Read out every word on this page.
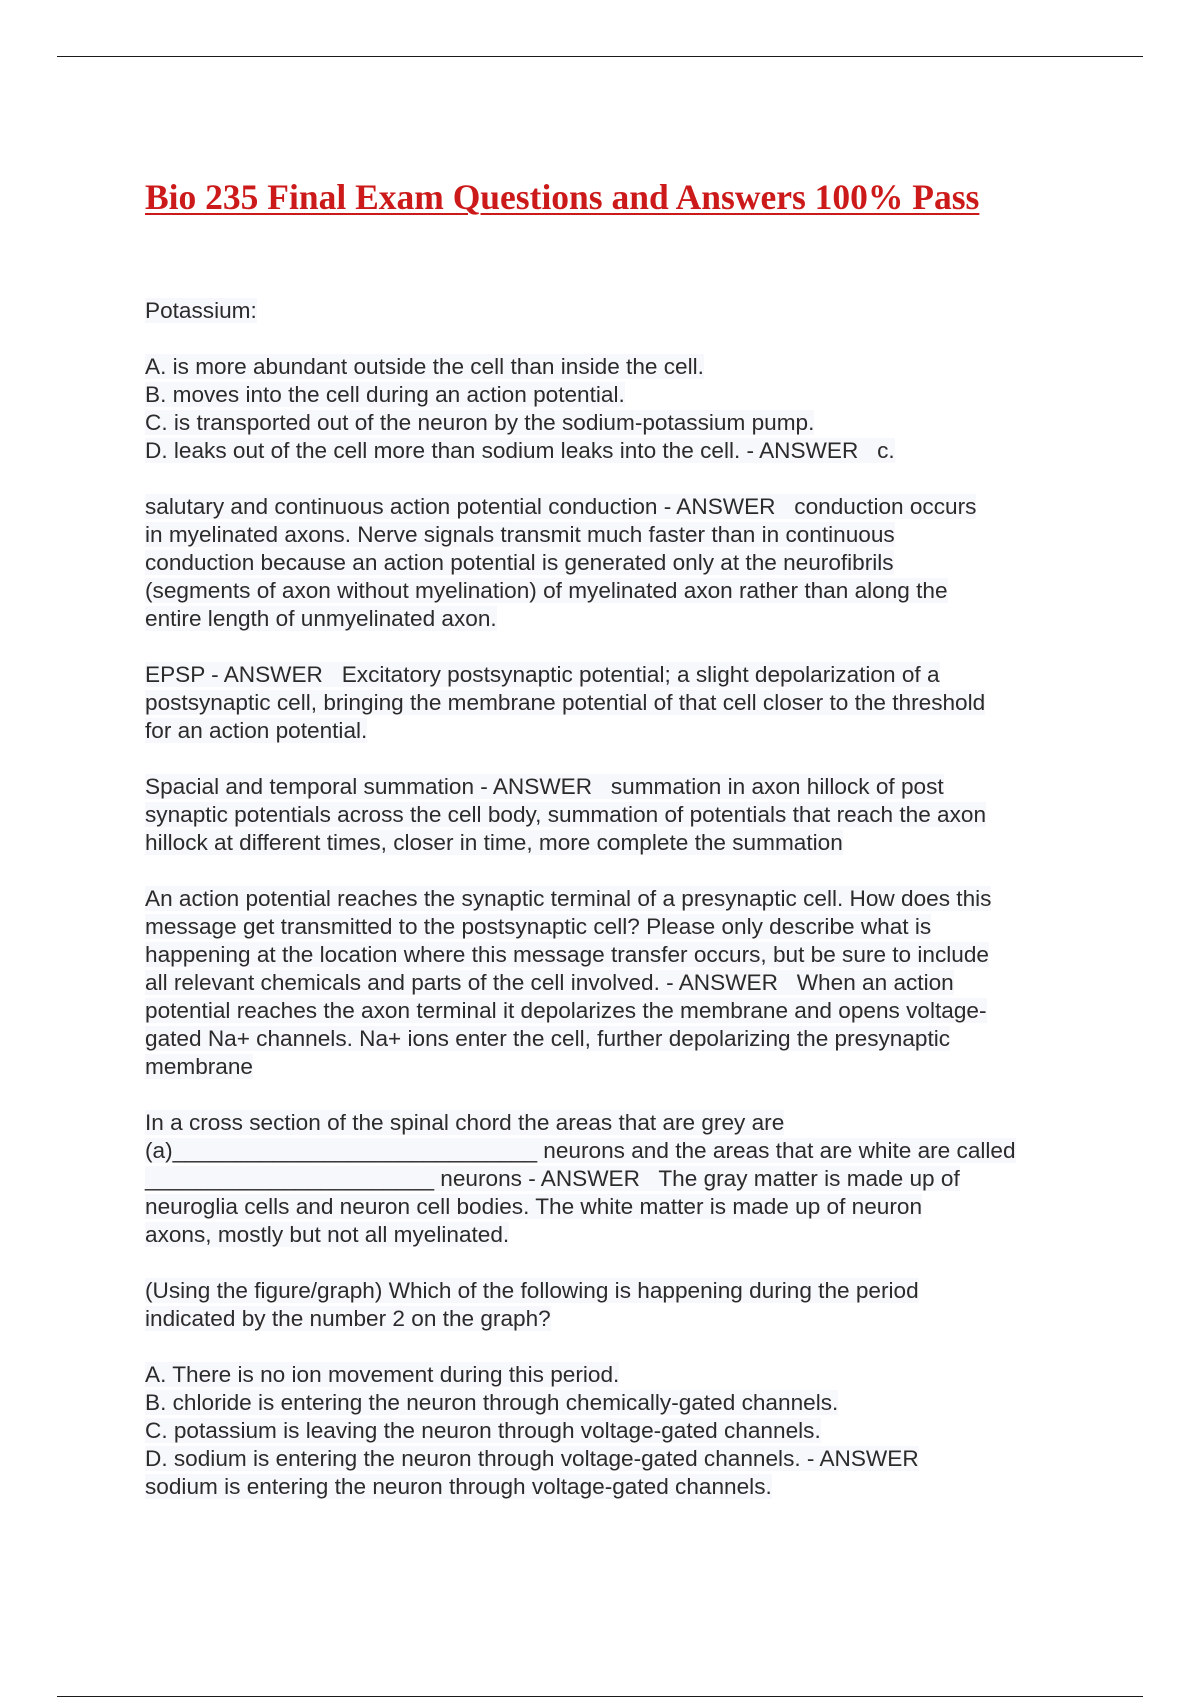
Bio 235 Final Exam Questions and Answers 100% Pass
Potassium:
A. is more abundant outside the cell than inside the cell.
B. moves into the cell during an action potential.
C. is transported out of the neuron by the sodium-potassium pump.
D. leaks out of the cell more than sodium leaks into the cell. - ANSWER   c.
salutary and continuous action potential conduction - ANSWER   conduction occurs
in myelinated axons. Nerve signals transmit much faster than in continuous
conduction because an action potential is generated only at the neurofibrils
(segments of axon without myelination) of myelinated axon rather than along the
entire length of unmyelinated axon.
EPSP - ANSWER   Excitatory postsynaptic potential; a slight depolarization of a
postsynaptic cell, bringing the membrane potential of that cell closer to the threshold
for an action potential.
Spacial and temporal summation - ANSWER   summation in axon hillock of post
synaptic potentials across the cell body, summation of potentials that reach the axon
hillock at different times, closer in time, more complete the summation
An action potential reaches the synaptic terminal of a presynaptic cell. How does this
message get transmitted to the postsynaptic cell? Please only describe what is
happening at the location where this message transfer occurs, but be sure to include
all relevant chemicals and parts of the cell involved. - ANSWER   When an action
potential reaches the axon terminal it depolarizes the membrane and opens voltage-
gated Na+ channels. Na+ ions enter the cell, further depolarizing the presynaptic
membrane
In a cross section of the spinal chord the areas that are grey are
(a)_____________________________ neurons and the areas that are white are called
_______________________ neurons - ANSWER   The gray matter is made up of
neuroglia cells and neuron cell bodies. The white matter is made up of neuron
axons, mostly but not all myelinated.
(Using the figure/graph) Which of the following is happening during the period
indicated by the number 2 on the graph?
A. There is no ion movement during this period.
B. chloride is entering the neuron through chemically-gated channels.
C. potassium is leaving the neuron through voltage-gated channels.
D. sodium is entering the neuron through voltage-gated channels. - ANSWER
sodium is entering the neuron through voltage-gated channels.
